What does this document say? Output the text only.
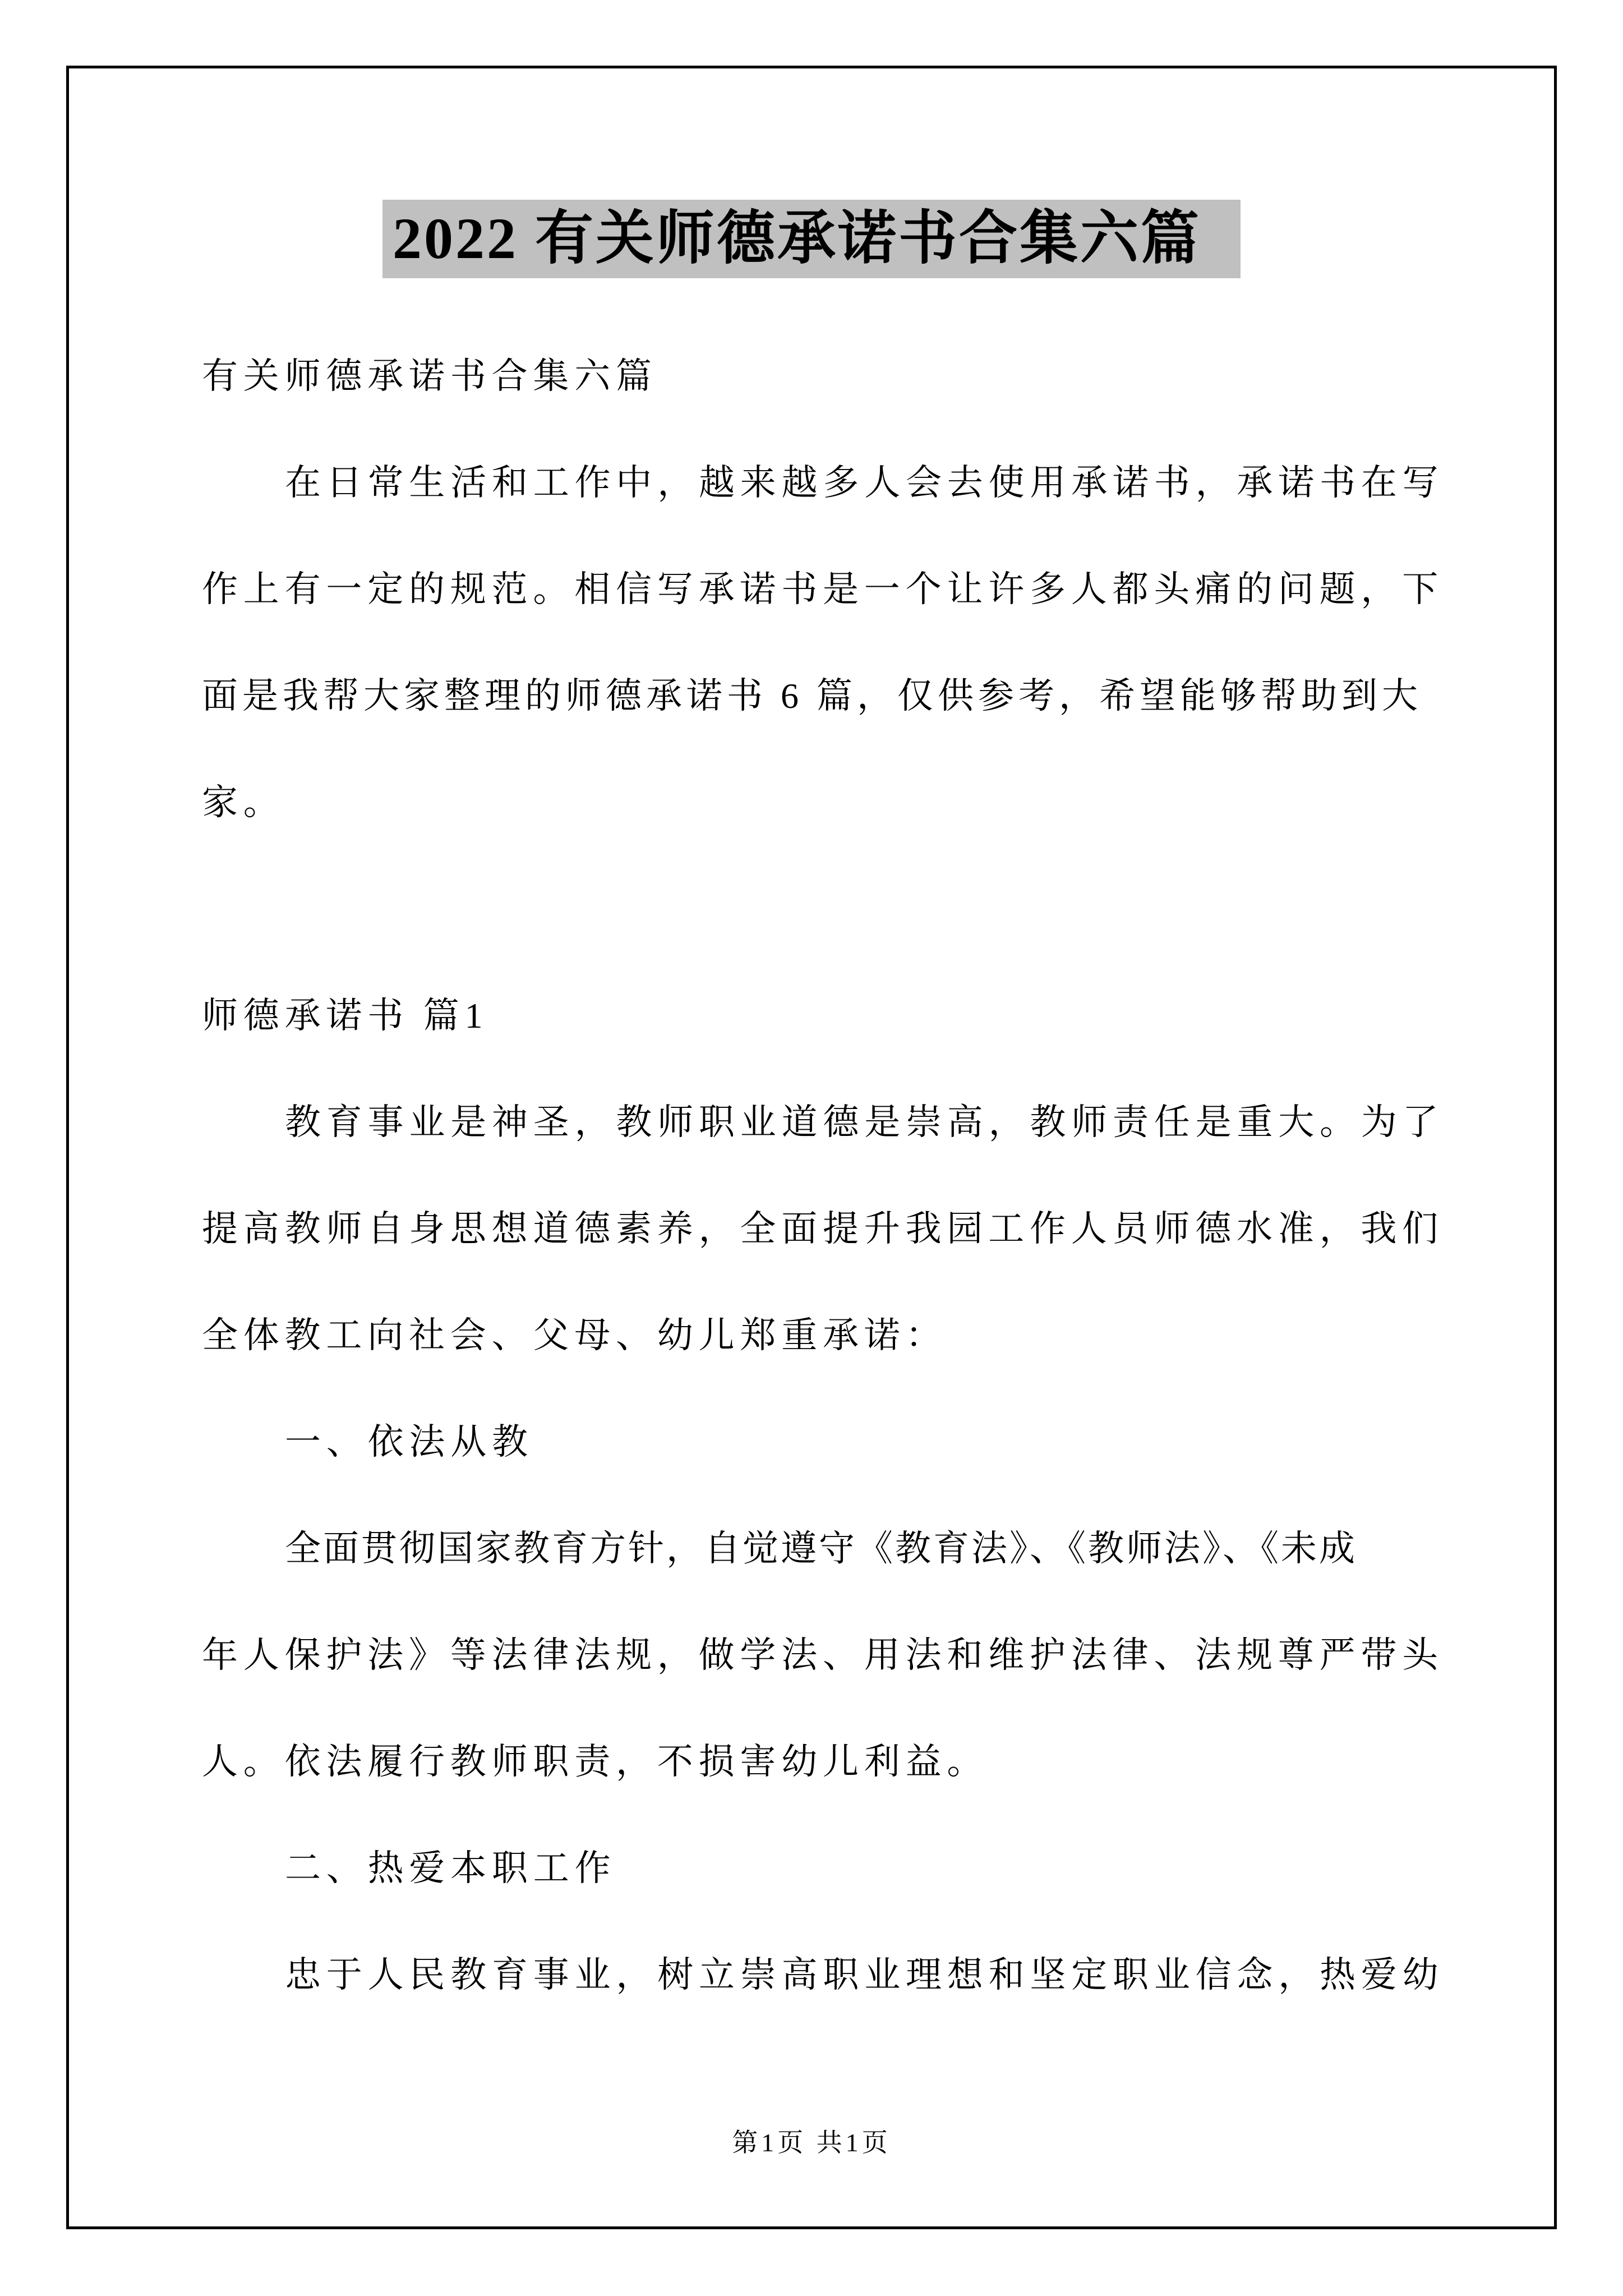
2022 有关师德承诺书合集六篇
有关师德承诺书合集六篇
在日常生活和工作中，越来越多人会去使用承诺书，承诺书在写
作上有一定的规范。相信写承诺书是一个让许多人都头痛的问题，下
面是我帮大家整理的师德承诺书 6 篇，仅供参考，希望能够帮助到大
家。
师德承诺书 篇1
教育事业是神圣，教师职业道德是崇高，教师责任是重大。为了
提高教师自身思想道德素养，全面提升我园工作人员师德水准，我们
全体教工向社会、父母、幼儿郑重承诺：
一、依法从教
全面贯彻国家教育方针，自觉遵守《教育法》、《教师法》、《未成
年人保护法》等法律法规，做学法、用法和维护法律、法规尊严带头
人。依法履行教师职责，不损害幼儿利益。
二、热爱本职工作
忠于人民教育事业，树立崇高职业理想和坚定职业信念，热爱幼
第1页 共1页
